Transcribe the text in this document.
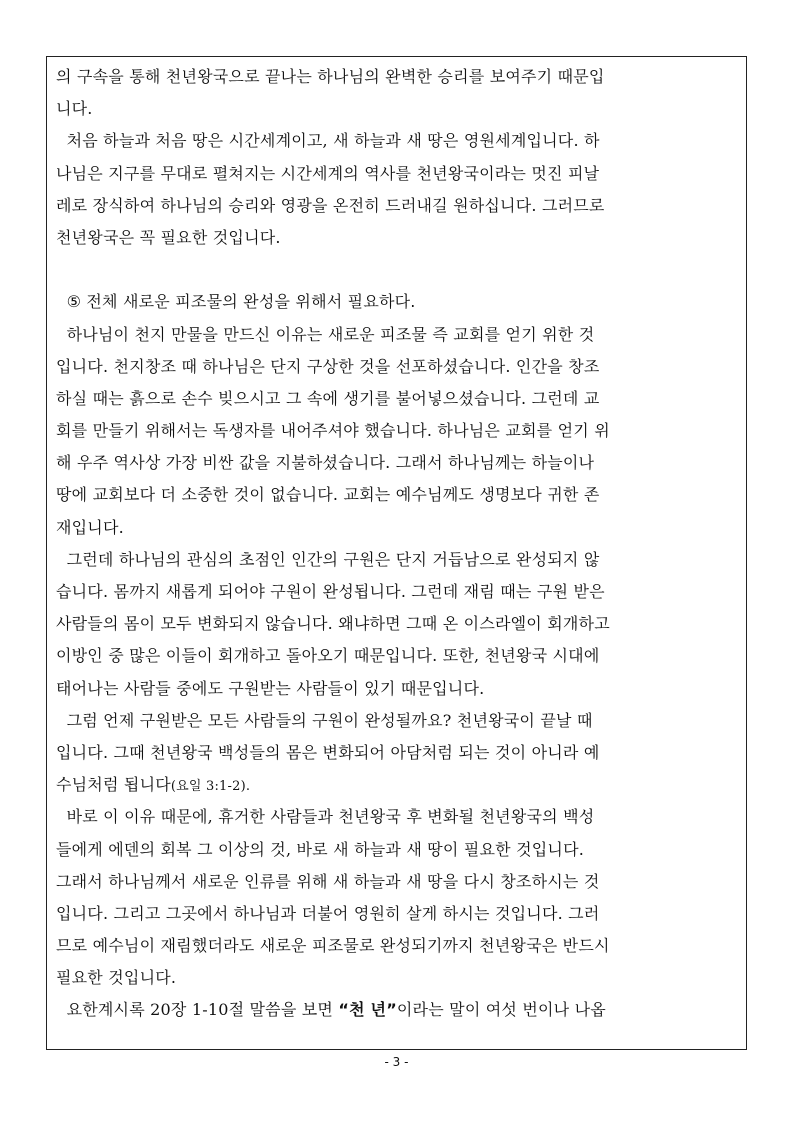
의 구속을 통해 천년왕국으로 끝나는 하나님의 완벽한 승리를 보여주기 때문입
니다.
처음 하늘과 처음 땅은 시간세계이고, 새 하늘과 새 땅은 영원세계입니다. 하
나님은 지구를 무대로 펼쳐지는 시간세계의 역사를 천년왕국이라는 멋진 피날
레로 장식하여 하나님의 승리와 영광을 온전히 드러내길 원하십니다. 그러므로
천년왕국은 꼭 필요한 것입니다.
⑤ 전체 새로운 피조물의 완성을 위해서 필요하다.
하나님이 천지 만물을 만드신 이유는 새로운 피조물 즉 교회를 얻기 위한 것
입니다. 천지창조 때 하나님은 단지 구상한 것을 선포하셨습니다. 인간을 창조
하실 때는 흙으로 손수 빚으시고 그 속에 생기를 불어넣으셨습니다. 그런데 교
회를 만들기 위해서는 독생자를 내어주셔야 했습니다. 하나님은 교회를 얻기 위
해 우주 역사상 가장 비싼 값을 지불하셨습니다. 그래서 하나님께는 하늘이나
땅에 교회보다 더 소중한 것이 없습니다. 교회는 예수님께도 생명보다 귀한 존
재입니다.
그런데 하나님의 관심의 초점인 인간의 구원은 단지 거듭남으로 완성되지 않
습니다. 몸까지 새롭게 되어야 구원이 완성됩니다. 그런데 재림 때는 구원 받은
사람들의 몸이 모두 변화되지 않습니다. 왜냐하면 그때 온 이스라엘이 회개하고
이방인 중 많은 이들이 회개하고 돌아오기 때문입니다. 또한, 천년왕국 시대에
태어나는 사람들 중에도 구원받는 사람들이 있기 때문입니다.
그럼 언제 구원받은 모든 사람들의 구원이 완성될까요? 천년왕국이 끝날 때
입니다. 그때 천년왕국 백성들의 몸은 변화되어 아담처럼 되는 것이 아니라 예
수님처럼 됩니다(요일 3:1-2).
바로 이 이유 때문에, 휴거한 사람들과 천년왕국 후 변화될 천년왕국의 백성
들에게 에덴의 회복 그 이상의 것, 바로 새 하늘과 새 땅이 필요한 것입니다.
그래서 하나님께서 새로운 인류를 위해 새 하늘과 새 땅을 다시 창조하시는 것
입니다. 그리고 그곳에서 하나님과 더불어 영원히 살게 하시는 것입니다. 그러
므로 예수님이 재림했더라도 새로운 피조물로 완성되기까지 천년왕국은 반드시
필요한 것입니다.
요한계시록 20장 1-10절 말씀을 보면 “천 년”이라는 말이 여섯 번이나 나옵
- 3 -
